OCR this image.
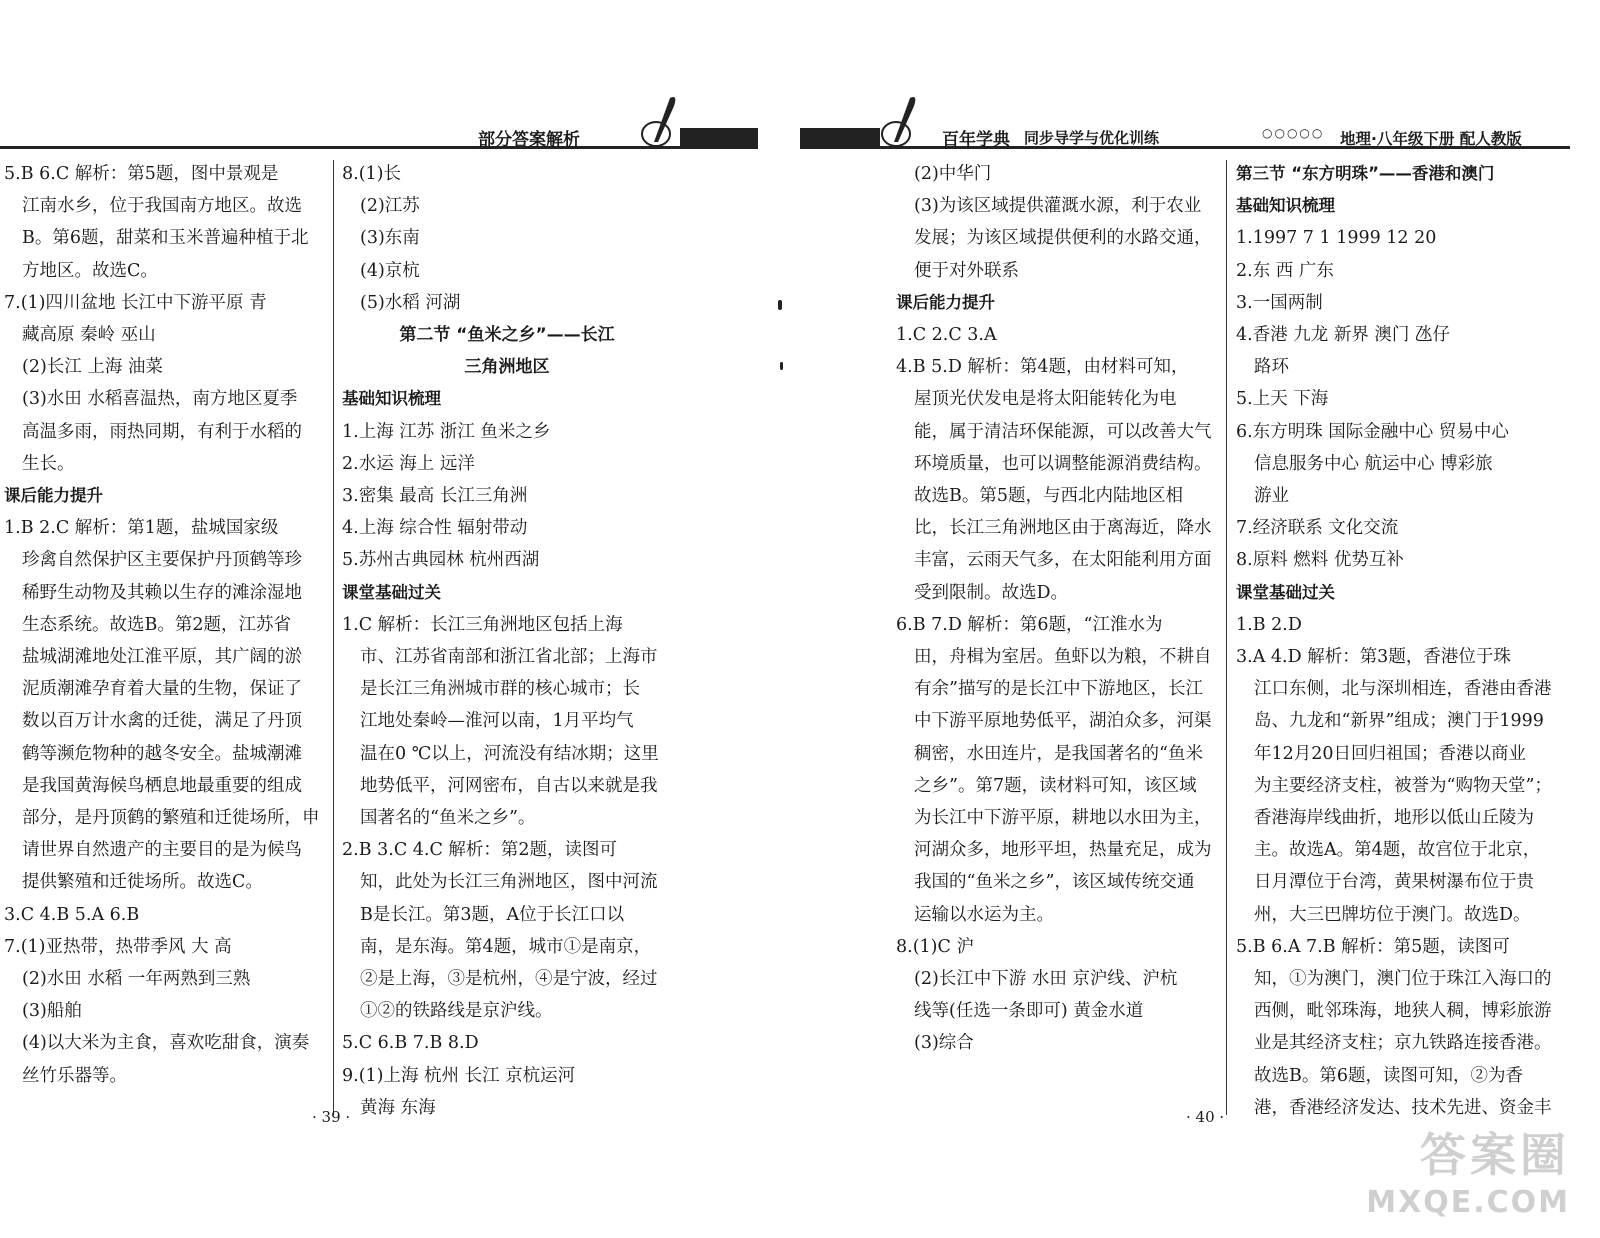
部分答案解析	百年学典 同步导学与优化训练	○○○○○ 地理·八年级下册 配人教版
5.B 6.C 解析：第5题，图中景观是
江南水乡，位于我国南方地区。故选
B。第6题，甜菜和玉米普遍种植于北
方地区。故选C。
7.(1)四川盆地 长江中下游平原 青
藏高原 秦岭 巫山
(2)长江 上海 油菜
(3)水田 水稻喜温热，南方地区夏季
高温多雨，雨热同期，有利于水稻的
生长。
课后能力提升
1.B 2.C 解析：第1题，盐城国家级
珍禽自然保护区主要保护丹顶鹤等珍
稀野生动物及其赖以生存的滩涂湿地
生态系统。故选B。第2题，江苏省
盐城湖滩地处江淮平原，其广阔的淤
泥质潮滩孕育着大量的生物，保证了
数以百万计水禽的迁徙，满足了丹顶
鹤等濒危物种的越冬安全。盐城潮滩
是我国黄海候鸟栖息地最重要的组成
部分，是丹顶鹤的繁殖和迁徙场所，申
请世界自然遗产的主要目的是为候鸟
提供繁殖和迁徙场所。故选C。
3.C 4.B 5.A 6.B
7.(1)亚热带，热带季风 大 高
(2)水田 水稻 一年两熟到三熟
(3)船舶
(4)以大米为主食，喜欢吃甜食，演奏
丝竹乐器等。
8.(1)长
(2)江苏
(3)东南
(4)京杭
(5)水稻 河湖
第二节 “鱼米之乡”——长江
三角洲地区
基础知识梳理
1.上海 江苏 浙江 鱼米之乡
2.水运 海上 远洋
3.密集 最高 长江三角洲
4.上海 综合性 辐射带动
5.苏州古典园林 杭州西湖
课堂基础过关
1.C 解析：长江三角洲地区包括上海
市、江苏省南部和浙江省北部；上海市
是长江三角洲城市群的核心城市；长
江地处秦岭—淮河以南，1月平均气
温在0 ℃以上，河流没有结冰期；这里
地势低平，河网密布，自古以来就是我
国著名的“鱼米之乡”。
2.B 3.C 4.C 解析：第2题，读图可
知，此处为长江三角洲地区，图中河流
B是长江。第3题，A位于长江口以
南，是东海。第4题，城市①是南京，
②是上海，③是杭州，④是宁波，经过
①②的铁路线是京沪线。
5.C 6.B 7.B 8.D
9.(1)上海 杭州 长江 京杭运河
黄海 东海
(2)中华门
(3)为该区域提供灌溉水源，利于农业
发展；为该区域提供便利的水路交通，
便于对外联系
课后能力提升
1.C 2.C 3.A
4.B 5.D 解析：第4题，由材料可知，
屋顶光伏发电是将太阳能转化为电
能，属于清洁环保能源，可以改善大气
环境质量，也可以调整能源消费结构。
故选B。第5题，与西北内陆地区相
比，长江三角洲地区由于离海近，降水
丰富，云雨天气多，在太阳能利用方面
受到限制。故选D。
6.B 7.D 解析：第6题，“江淮水为
田，舟楫为室居。鱼虾以为粮，不耕自
有余”描写的是长江中下游地区，长江
中下游平原地势低平，湖泊众多，河渠
稠密，水田连片，是我国著名的“鱼米
之乡”。第7题，读材料可知，该区域
为长江中下游平原，耕地以水田为主，
河湖众多，地形平坦，热量充足，成为
我国的“鱼米之乡”，该区域传统交通
运输以水运为主。
8.(1)C 沪
(2)长江中下游 水田 京沪线、沪杭
线等(任选一条即可) 黄金水道
(3)综合
第三节 “东方明珠”——香港和澳门
基础知识梳理
1.1997 7 1 1999 12 20
2.东 西 广东
3.一国两制
4.香港 九龙 新界 澳门 氹仔
路环
5.上天 下海
6.东方明珠 国际金融中心 贸易中心
信息服务中心 航运中心 博彩旅
游业
7.经济联系 文化交流
8.原料 燃料 优势互补
课堂基础过关
1.B 2.D
3.A 4.D 解析：第3题，香港位于珠
江口东侧，北与深圳相连，香港由香港
岛、九龙和“新界”组成；澳门于1999
年12月20日回归祖国；香港以商业
为主要经济支柱，被誉为“购物天堂”；
香港海岸线曲折，地形以低山丘陵为
主。故选A。第4题，故宫位于北京，
日月潭位于台湾，黄果树瀑布位于贵
州，大三巴牌坊位于澳门。故选D。
5.B 6.A 7.B 解析：第5题，读图可
知，①为澳门，澳门位于珠江入海口的
西侧，毗邻珠海，地狭人稠，博彩旅游
业是其经济支柱；京九铁路连接香港。
故选B。第6题，读图可知，②为香
港，香港经济发达、技术先进、资金丰
· 39 ·	· 40 ·
答案圈
MXQE.COM
